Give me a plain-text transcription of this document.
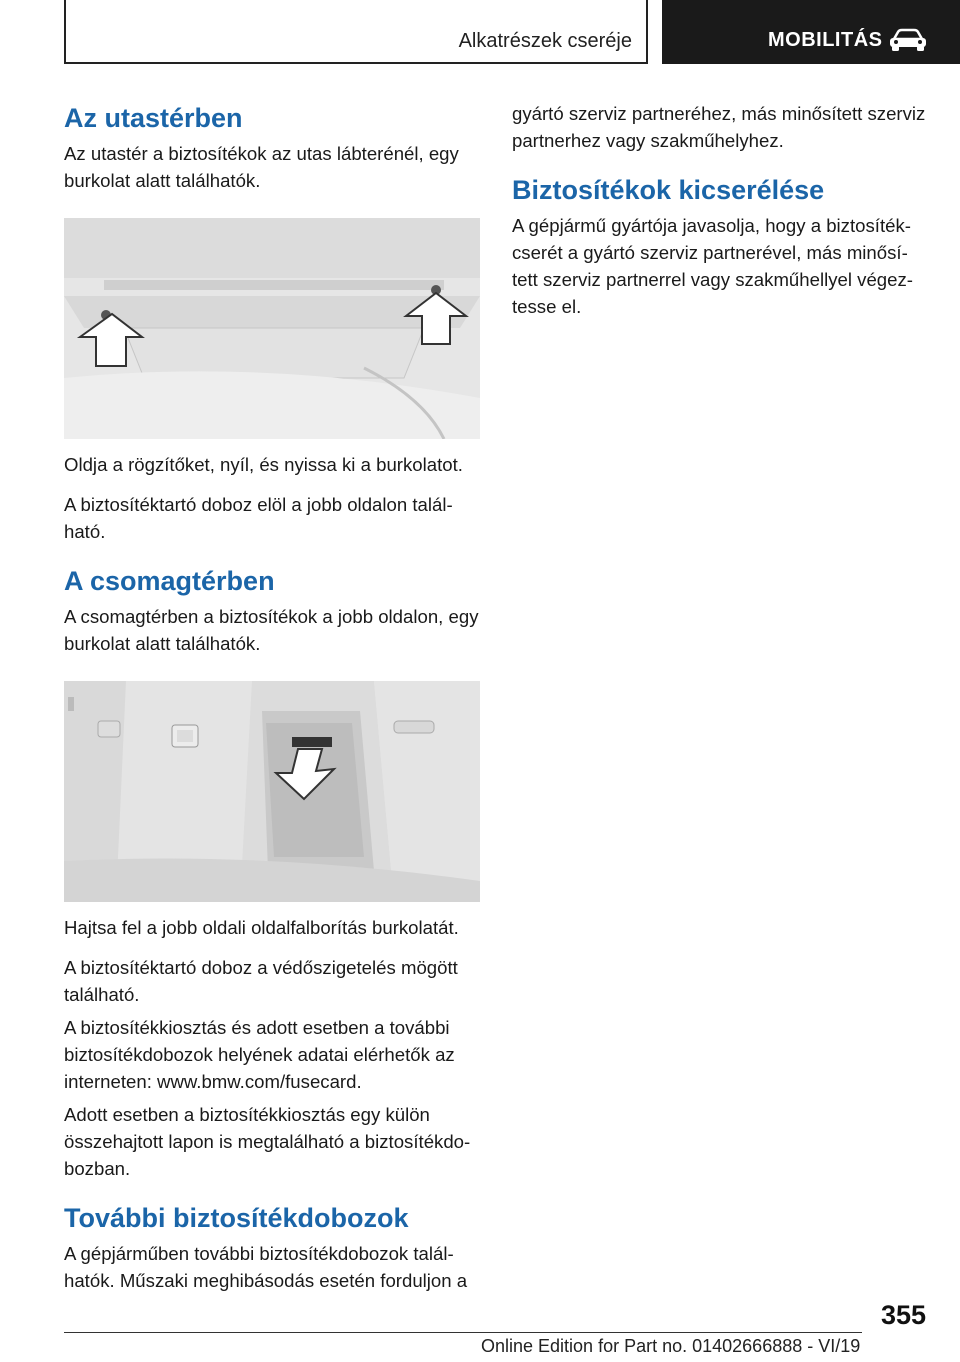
Alkatrészek cseréje	MOBILITÁS
Az utastérben

Az utastér a biztosítékok az utas lábterénél, egy burkolat alatt találhatók.

Oldja a rögzítőket, nyíl, és nyissa ki a burkolatot.

A biztosítéktartó doboz elöl a jobb oldalon található.

A csomagtérben

A csomagtérben a biztosítékok a jobb oldalon, egy burkolat alatt találhatók.

Hajtsa fel a jobb oldali oldalfalborítás burkolatát.

A biztosítéktartó doboz a védőszigetelés mögött található.

A biztosítékkiosztás és adott esetben a további biztosítékdobozok helyének adatai elérhetők az interneten: www.bmw.com/fusecard.

Adott esetben a biztosítékkiosztás egy külön összehajtott lapon is megtalálható a biztosítékdobozban.

További biztosítékdobozok

A gépjárműben további biztosítékdobozok találhatók. Műszaki meghibásodás esetén forduljon a

gyártó szerviz partneréhez, más minősített szerviz partnerhez vagy szakműhelyhez.

Biztosítékok kicserélése

A gépjármű gyártója javasolja, hogy a biztosítékcserét a gyártó szerviz partnerével, más minősített szerviz partnerrel vagy szakműhellyel végeztesse el.

355
Online Edition for Part no. 01402666888 - VI/19
